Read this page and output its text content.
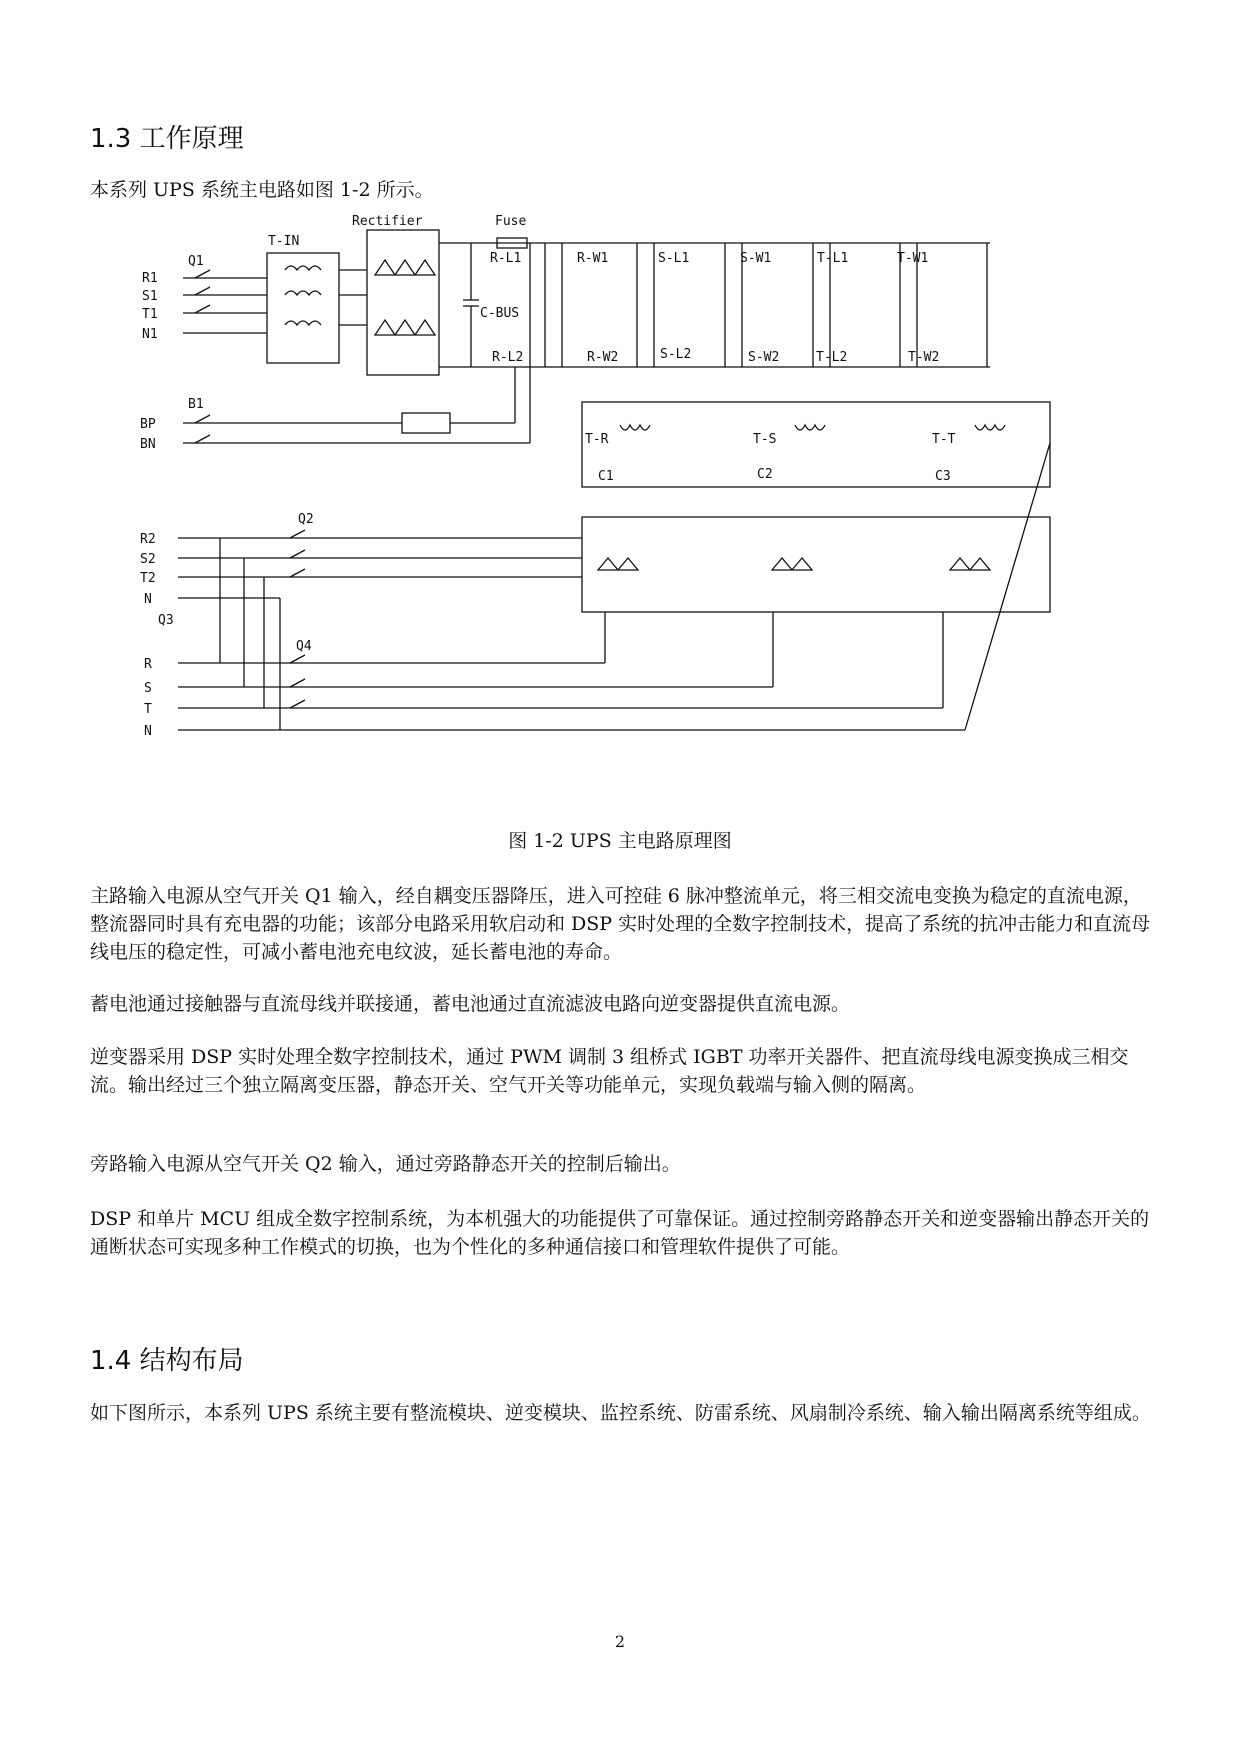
1.3 工作原理

本系列 UPS 系统主电路如图 1-2 所示。

Rectifier	Fuse
T-IN
Q1
R1
S1
T1
N1
C-BUS
R-L1	R-W1	S-L1	S-W1	T-L1	T-W1
R-L2	R-W2	S-L2	S-W2	T-L2	T-W2
B1
BP
BN	T-R	T-S	T-T
C1	C2	C3
Q2
R2
S2
T2
N
Q3
Q4
R
S
T
N
图 1-2 UPS 主电路原理图

主路输入电源从空气开关 Q1 输入，经自耦变压器降压，进入可控硅 6 脉冲整流单元，将三相交流电变换为稳定的直流电源，整流器同时具有充电器的功能；该部分电路采用软启动和 DSP 实时处理的全数字控制技术，提高了系统的抗冲击能力和直流母线电压的稳定性，可减小蓄电池充电纹波，延长蓄电池的寿命。

蓄电池通过接触器与直流母线并联接通，蓄电池通过直流滤波电路向逆变器提供直流电源。

逆变器采用 DSP 实时处理全数字控制技术，通过 PWM 调制 3 组桥式 IGBT 功率开关器件、把直流母线电源变换成三相交流。输出经过三个独立隔离变压器，静态开关、空气开关等功能单元，实现负载端与输入侧的隔离。

旁路输入电源从空气开关 Q2 输入，通过旁路静态开关的控制后输出。

DSP 和单片 MCU 组成全数字控制系统，为本机强大的功能提供了可靠保证。通过控制旁路静态开关和逆变器输出静态开关的通断状态可实现多种工作模式的切换，也为个性化的多种通信接口和管理软件提供了可能。

1.4 结构布局

如下图所示，本系列 UPS 系统主要有整流模块、逆变模块、监控系统、防雷系统、风扇制冷系统、输入输出隔离系统等组成。

2
